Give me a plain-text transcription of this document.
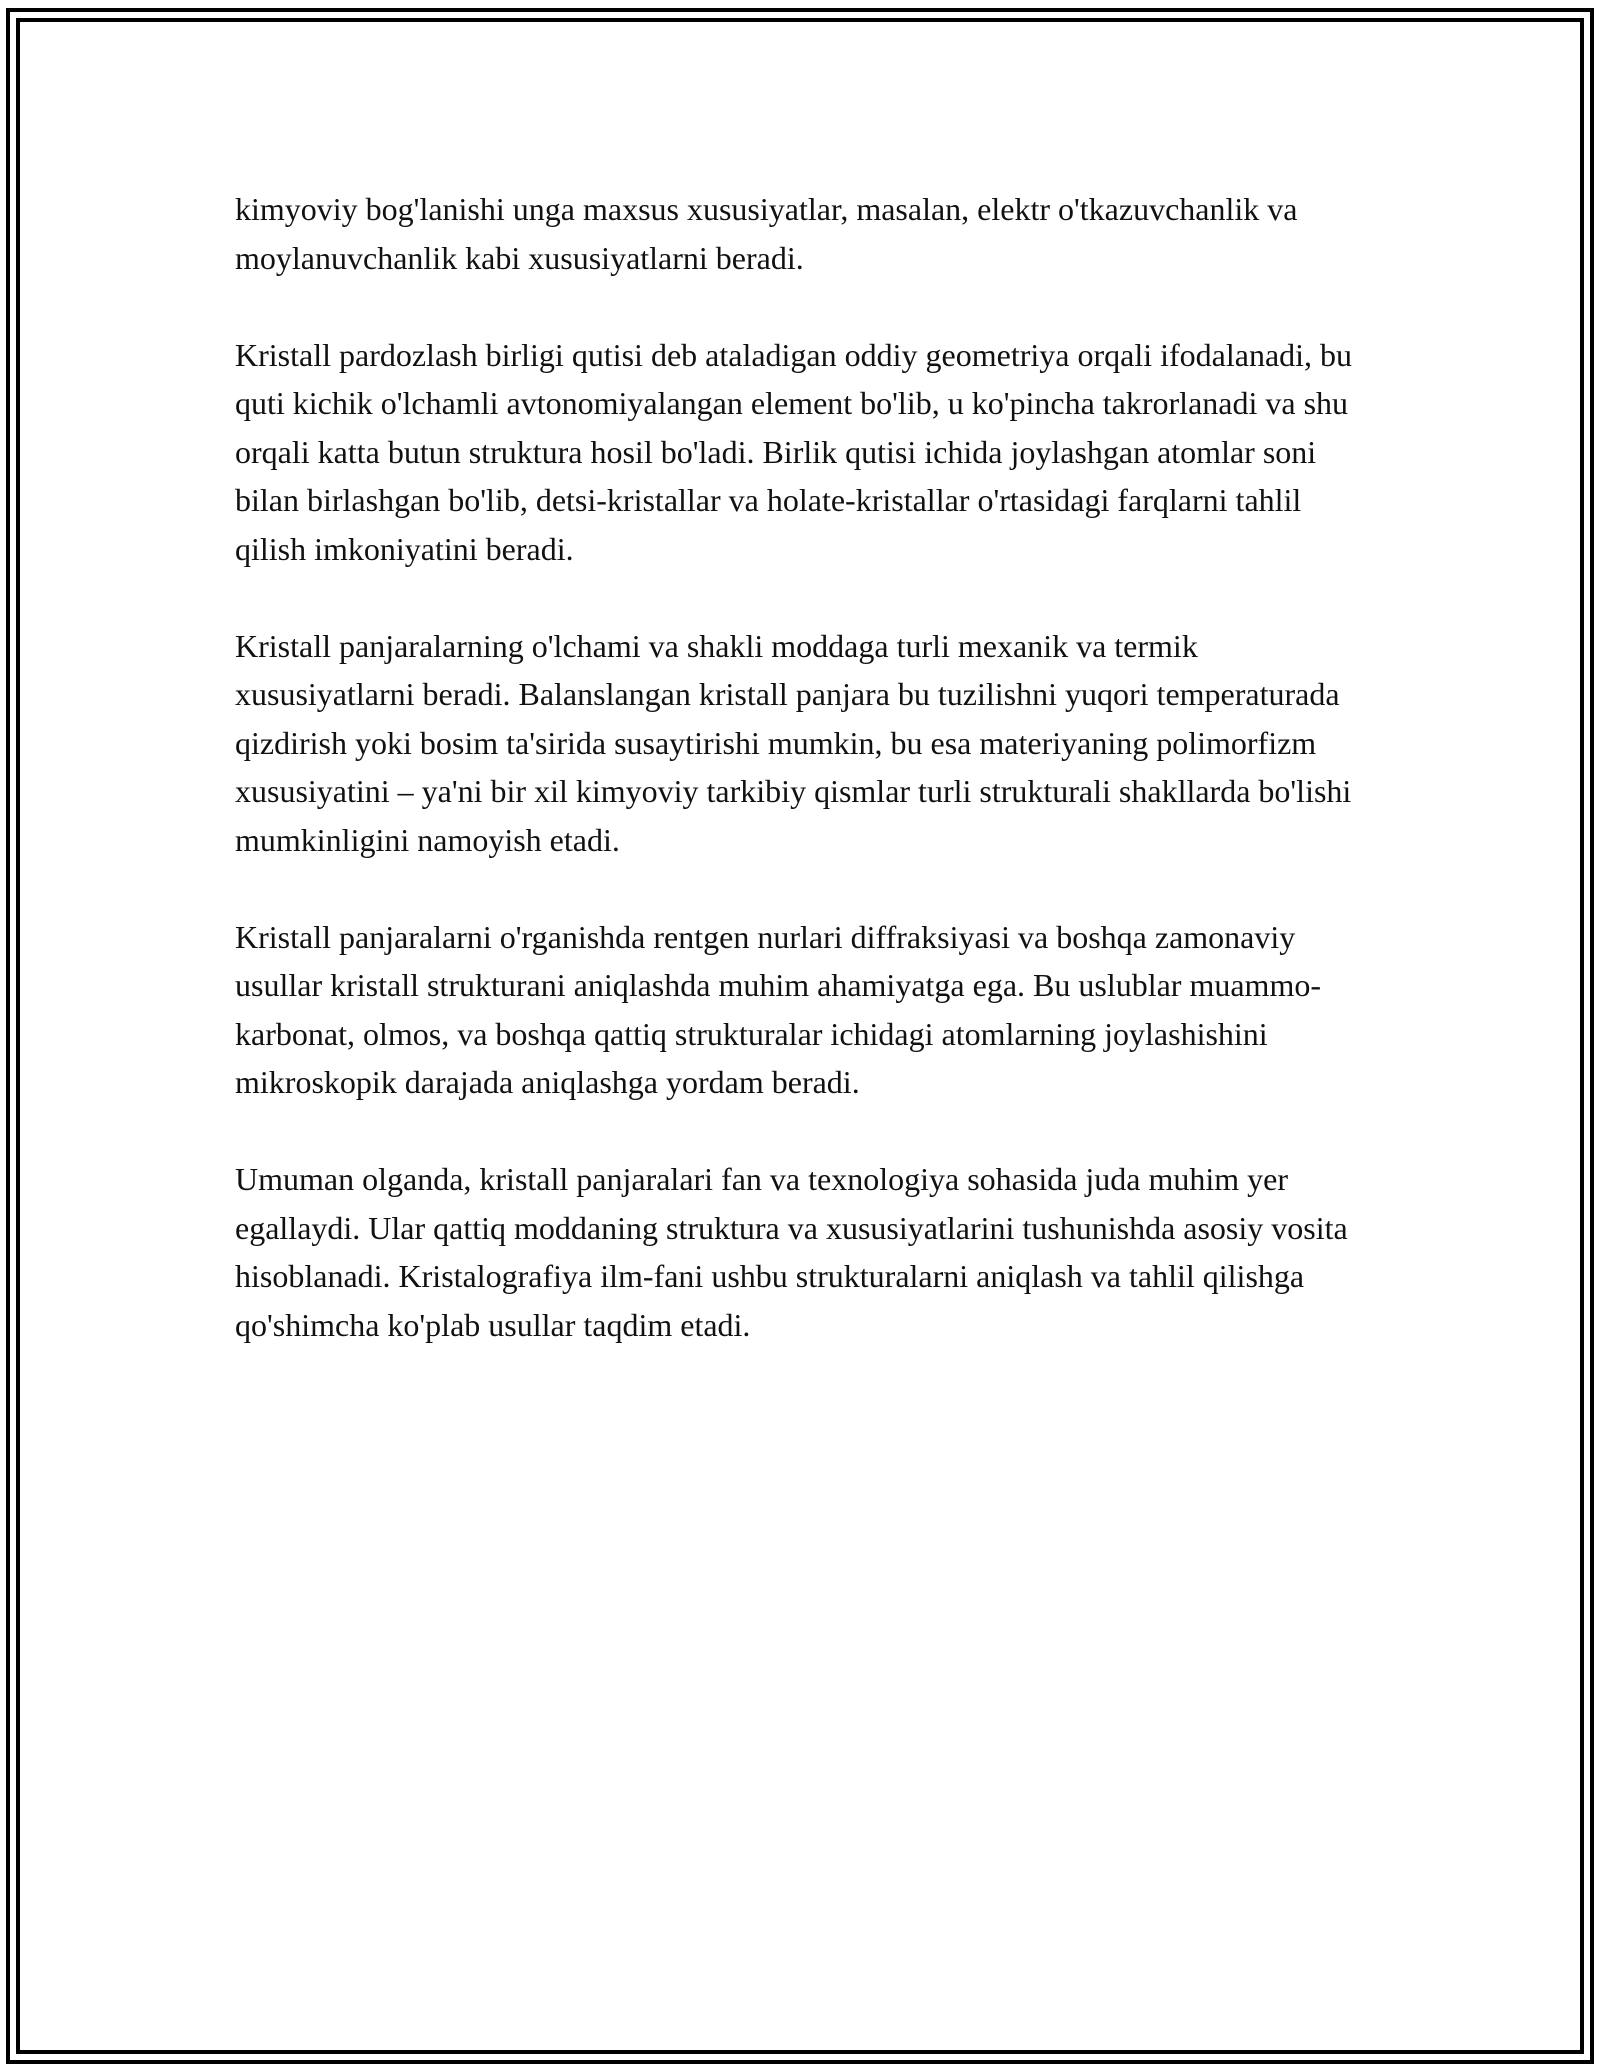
kimyoviy bog'lanishi unga maxsus xususiyatlar, masalan, elektr o'tkazuvchanlik va moylanuvchanlik kabi xususiyatlarni beradi.

Kristall pardozlash birligi qutisi deb ataladigan oddiy geometriya orqali ifodalanadi, bu quti kichik o'lchamli avtonomiyalangan element bo'lib, u ko'pincha takrorlanadi va shu orqali katta butun struktura hosil bo'ladi. Birlik qutisi ichida joylashgan atomlar soni bilan birlashgan bo'lib, detsi-kristallar va holate-kristallar o'rtasidagi farqlarni tahlil qilish imkoniyatini beradi.

Kristall panjaralarning o'lchami va shakli moddaga turli mexanik va termik xususiyatlarni beradi. Balanslangan kristall panjara bu tuzilishni yuqori temperaturada qizdirish yoki bosim ta'sirida susaytirishi mumkin, bu esa materiyaning polimorfizm xususiyatini – ya'ni bir xil kimyoviy tarkibiy qismlar turli strukturali shakllarda bo'lishi mumkinligini namoyish etadi.

Kristall panjaralarni o'rganishda rentgen nurlari diffraksiyasi va boshqa zamonaviy usullar kristall strukturani aniqlashda muhim ahamiyatga ega. Bu uslublar muammo-karbonat, olmos, va boshqa qattiq strukturalar ichidagi atomlarning joylashishini mikroskopik darajada aniqlashga yordam beradi.

Umuman olganda, kristall panjaralari fan va texnologiya sohasida juda muhim yer egallaydi. Ular qattiq moddaning struktura va xususiyatlarini tushunishda asosiy vosita hisoblanadi. Kristalografiya ilm-fani ushbu strukturalarni aniqlash va tahlil qilishga qo'shimcha ko'plab usullar taqdim etadi.
